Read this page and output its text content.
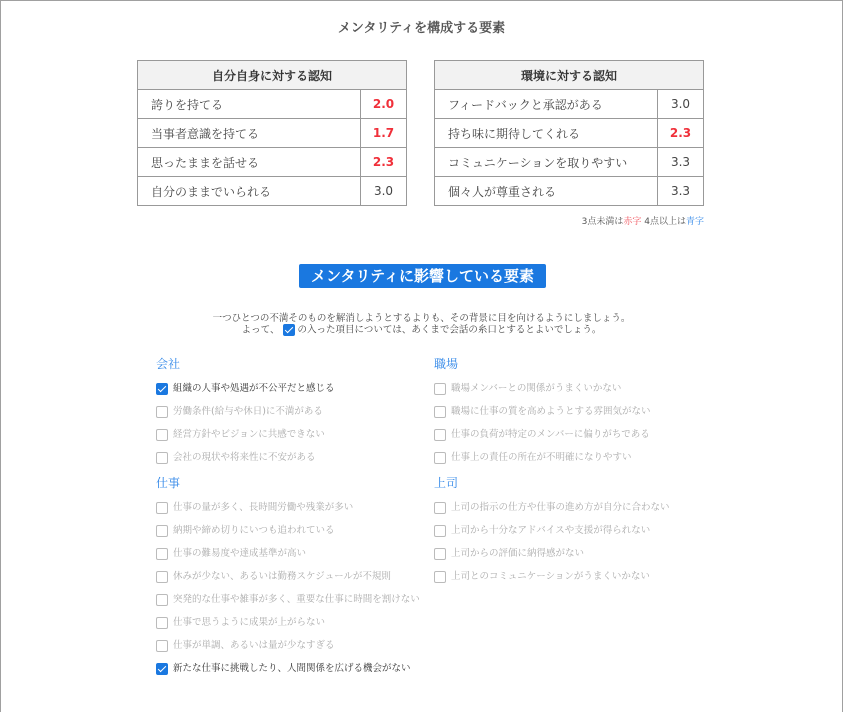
メンタリティを構成する要素
自分自身に対する認知	
誇りを持てる	2.0
当事者意識を持てる	1.7
思ったままを話せる	2.3
自分のままでいられる	3.0
環境に対する認知	
フィードバックと承認がある	3.0
持ち味に期待してくれる	2.3
コミュニケーションを取りやすい	3.3
個々人が尊重される	3.3
3点未満は赤字 4点以上は青字
メンタリティに影響している要素
一つひとつの不満そのものを解消しようとするよりも、その背景に目を向けるようにしましょう。
よって、  の入った項目については、あくまで会話の糸口とするとよいでしょう。
会社
組織の人事や処遇が不公平だと感じる
労働条件(給与や休日)に不満がある
経営方針やビジョンに共感できない
会社の現状や将来性に不安がある
仕事
仕事の量が多く、長時間労働や残業が多い
納期や締め切りにいつも追われている
仕事の難易度や達成基準が高い
休みが少ない、あるいは勤務スケジュールが不規則
突発的な仕事や雑事が多く、重要な仕事に時間を割けない
仕事で思うように成果が上がらない
仕事が単調、あるいは量が少なすぎる
新たな仕事に挑戦したり、人間関係を広げる機会がない
職場
職場メンバーとの関係がうまくいかない
職場に仕事の質を高めようとする雰囲気がない
仕事の負荷が特定のメンバーに偏りがちである
仕事上の責任の所在が不明確になりやすい
上司
上司の指示の仕方や仕事の進め方が自分に合わない
上司から十分なアドバイスや支援が得られない
上司からの評価に納得感がない
上司とのコミュニケーションがうまくいかない
